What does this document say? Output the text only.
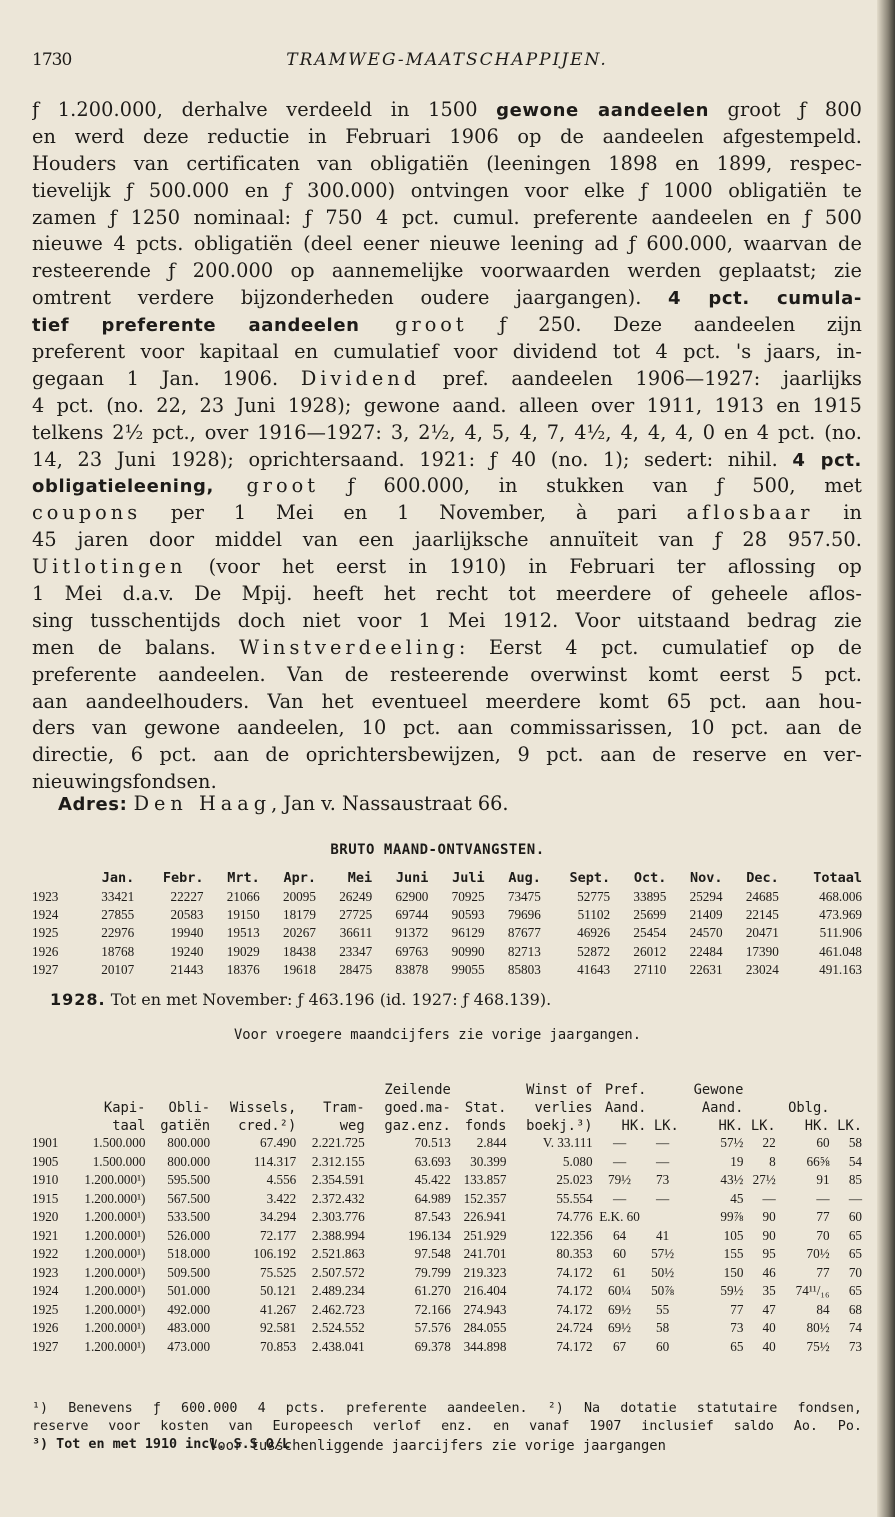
1730	TRAMWEG-MAATSCHAPPIJEN.
ƒ 1.200.000, derhalve verdeeld in 1500 gewone aandeelen groot ƒ 800
en werd deze reductie in Februari 1906 op de aandeelen afgestempeld.
Houders van certificaten van obligatiën (leeningen 1898 en 1899, respec-
tievelijk ƒ 500.000 en ƒ 300.000) ontvingen voor elke ƒ 1000 obligatiën te
zamen ƒ 1250 nominaal: ƒ 750 4 pct. cumul. preferente aandeelen en ƒ 500
nieuwe 4 pcts. obligatiën (deel eener nieuwe leening ad ƒ 600.000, waarvan de
resteerende ƒ 200.000 op aannemelijke voorwaarden werden geplaatst; zie
omtrent verdere bijzonderheden oudere jaargangen). 4 pct. cumula-
tief preferente aandeelen groot ƒ 250. Deze aandeelen zijn
preferent voor kapitaal en cumulatief voor dividend tot 4 pct. 's jaars, in-
gegaan 1 Jan. 1906. Dividend pref. aandeelen 1906—1927: jaarlijks
4 pct. (no. 22, 23 Juni 1928); gewone aand. alleen over 1911, 1913 en 1915
telkens 2½ pct., over 1916—1927: 3, 2½, 4, 5, 4, 7, 4½, 4, 4, 4, 0 en 4 pct. (no.
14, 23 Juni 1928); oprichtersaand. 1921: ƒ 40 (no. 1); sedert: nihil. 4 pct.
obligatieleening, groot ƒ 600.000, in stukken van ƒ 500, met
coupons per 1 Mei en 1 November, à pari aflosbaar in
45 jaren door middel van een jaarlijksche annuïteit van ƒ 28 957.50.
Uitlotingen (voor het eerst in 1910) in Februari ter aflossing op
1 Mei d.a.v. De Mpij. heeft het recht tot meerdere of geheele aflos-
sing tusschentijds doch niet voor 1 Mei 1912. Voor uitstaand bedrag zie
men de balans. Winstverdeeling: Eerst 4 pct. cumulatief op de
preferente aandeelen. Van de resteerende overwinst komt eerst 5 pct.
aan aandeelhouders. Van het eventueel meerdere komt 65 pct. aan hou-
ders van gewone aandeelen, 10 pct. aan commissarissen, 10 pct. aan de
directie, 6 pct. aan de oprichtersbewijzen, 9 pct. aan de reserve en ver-
nieuwingsfondsen.
Adres: Den Haag, Jan v. Nassaustraat 66.
BRUTO MAAND-ONTVANGSTEN.
	Jan.	Febr.	Mrt.	Apr.	Mei	Juni	Juli	Aug.	Sept.	Oct.	Nov.	Dec.	Totaal
1923	33421	22227	21066	20095	26249	62900	70925	73475	52775	33895	25294	24685	468.006
1924	27855	20583	19150	18179	27725	69744	90593	79696	51102	25699	21409	22145	473.969
1925	22976	19940	19513	20267	36611	91372	96129	87677	46926	25454	24570	20471	511.906
1926	18768	19240	19029	18438	23347	69763	90990	82713	52872	26012	22484	17390	461.048
1927	20107	21443	18376	19618	28475	83878	99055	85803	41643	27110	22631	23024	491.163
1928. Tot en met November: ƒ 463.196 (id. 1927: ƒ 468.139).
Voor vroegere maandcijfers zie vorige jaargangen.
					Zeilende		Winst of	Pref.		Gewone			
	Kapi-	Obli-	Wissels,	Tram-	goed.ma-	Stat.	verlies	Aand.		Aand.		Oblg.	
	taal	gatiën	cred.²)	weg	gaz.enz.	fonds	boekj.³)	HK.	LK.	HK.	LK.	HK.	LK.
1901	1.500.000	800.000	67.490	2.221.725	70.513	2.844	V. 33.111	—	—	57½	22	60	58
1905	1.500.000	800.000	114.317	2.312.155	63.693	30.399	5.080	—	—	19	8	66⅝	54
1910	1.200.000¹)	595.500	4.556	2.354.591	45.422	133.857	25.023	79½	73	43½	27½	91	85
1915	1.200.000¹)	567.500	3.422	2.372.432	64.989	152.357	55.554	—	—	45	—	—	—
1920	1.200.000¹)	533.500	34.294	2.303.776	87.543	226.941	74.776	E.K. 60		99⅞	90	77	60
1921	1.200.000¹)	526.000	72.177	2.388.994	196.134	251.929	122.356	64	41	105	90	70	65
1922	1.200.000¹)	518.000	106.192	2.521.863	97.548	241.701	80.353	60	57½	155	95	70½	65
1923	1.200.000¹)	509.500	75.525	2.507.572	79.799	219.323	74.172	61	50½	150	46	77	70
1924	1.200.000¹)	501.000	50.121	2.489.234	61.270	216.404	74.172	60¼	50⅞	59½	35	74¹¹/₁₆	65
1925	1.200.000¹)	492.000	41.267	2.462.723	72.166	274.943	74.172	69½	55	77	47	84	68
1926	1.200.000¹)	483.000	92.581	2.524.552	57.576	284.055	24.724	69½	58	73	40	80½	74
1927	1.200.000¹)	473.000	70.853	2.438.041	69.378	344.898	74.172	67	60	65	40	75½	73
¹) Benevens ƒ 600.000 4 pcts. preferente aandeelen. ²) Na dotatie statutaire fondsen,
reserve voor kosten van Europeesch verlof enz. en vanaf 1907 inclusief saldo Ao. Po.
³) Tot en met 1910 incl. S.S O/L
Voor tusschenliggende jaarcijfers zie vorige jaargangen
